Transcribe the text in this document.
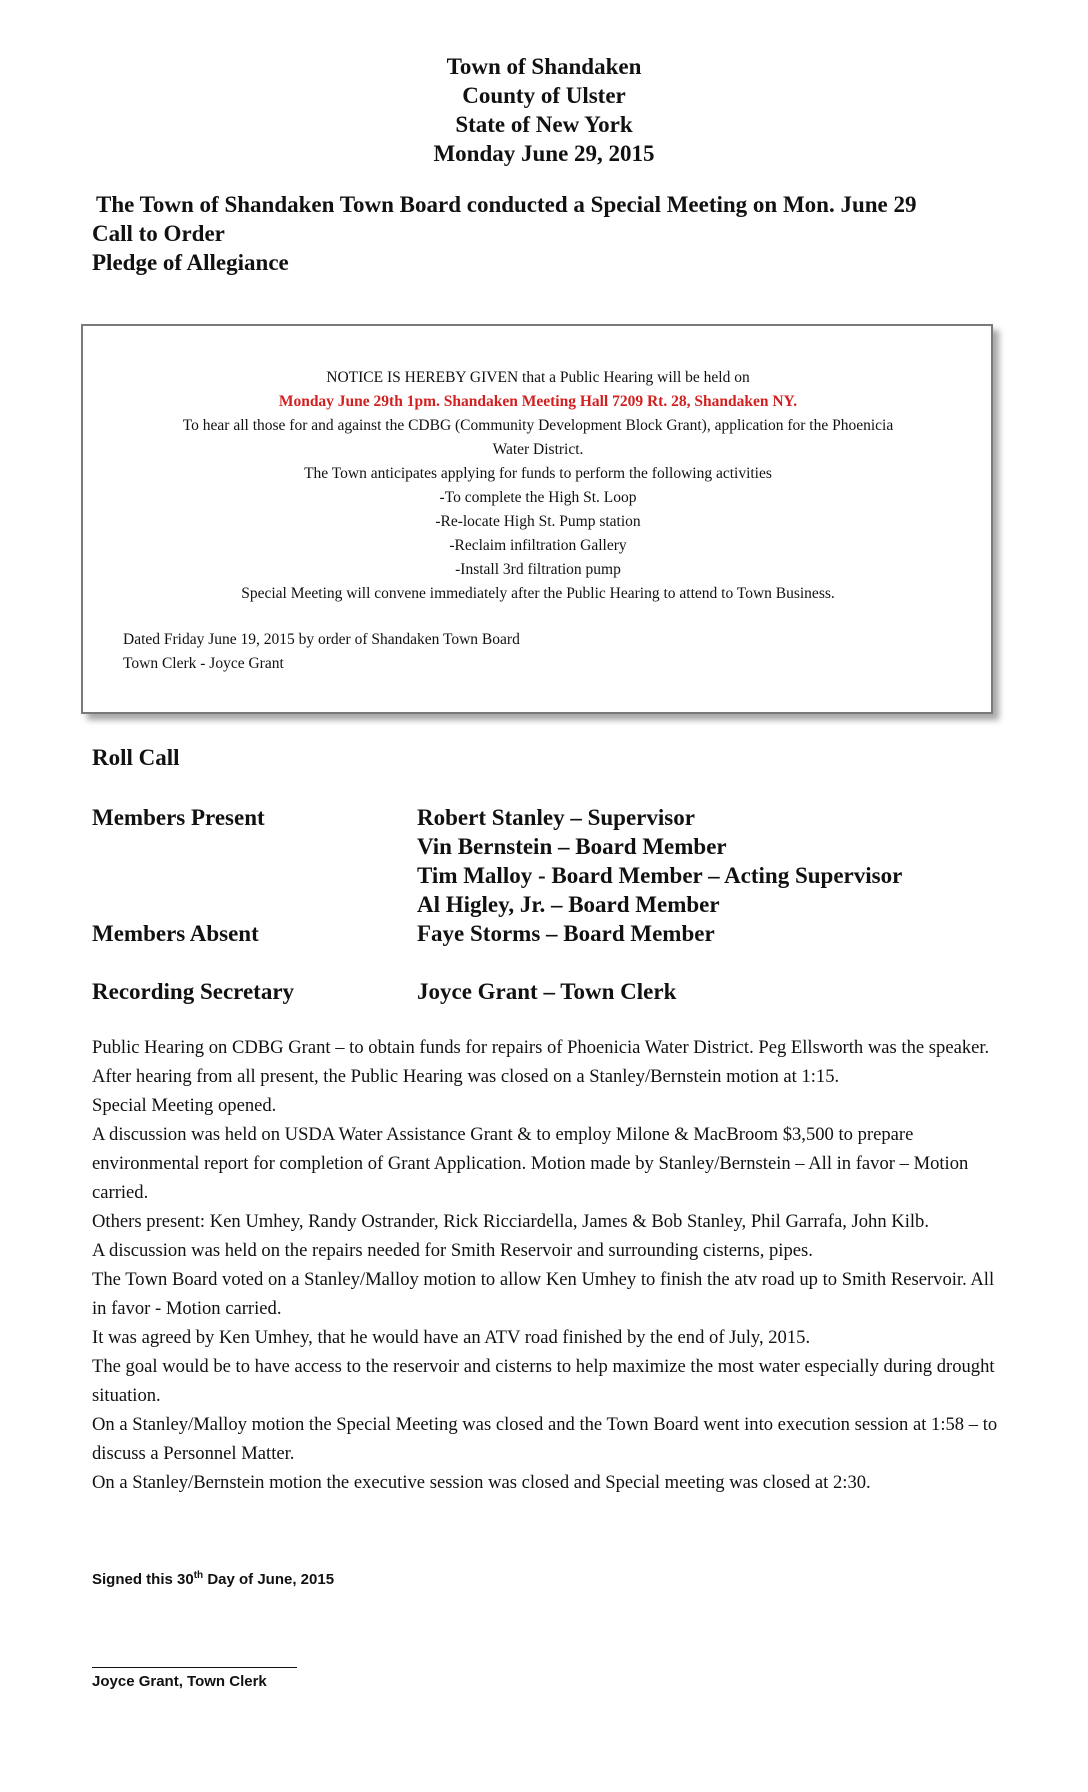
Town of Shandaken
County of Ulster
State of New York
Monday June 29, 2015
The Town of Shandaken Town Board conducted a Special Meeting on Mon. June 29
Call to Order
Pledge of Allegiance
NOTICE IS HEREBY GIVEN that a Public Hearing will be held on
Monday June 29th 1pm. Shandaken Meeting Hall 7209 Rt. 28, Shandaken NY.
To hear all those for and against the CDBG (Community Development Block Grant), application for the Phoenicia
Water District.
The Town anticipates applying for funds to perform the following activities
-To complete the High St. Loop
-Re-locate High St. Pump station
-Reclaim infiltration Gallery
-Install 3rd filtration pump
Special Meeting will convene immediately after the Public Hearing to attend to Town Business.
Dated Friday June 19, 2015 by order of Shandaken Town Board
Town Clerk - Joyce Grant
Roll Call
Members Present	Robert Stanley – Supervisor
Vin Bernstein – Board Member
Tim Malloy - Board Member – Acting Supervisor
Al Higley, Jr. – Board Member
Members Absent	Faye Storms – Board Member
Recording Secretary	Joyce Grant – Town Clerk

Public Hearing on CDBG Grant – to obtain funds for repairs of Phoenicia Water District. Peg Ellsworth was the speaker.

After hearing from all present, the Public Hearing was closed on a Stanley/Bernstein motion at 1:15.

Special Meeting opened.

A discussion was held on USDA Water Assistance Grant & to employ Milone & MacBroom $3,500 to prepare environmental report for completion of Grant Application. Motion made by Stanley/Bernstein – All in favor – Motion carried.

Others present: Ken Umhey, Randy Ostrander, Rick Ricciardella, James & Bob Stanley, Phil Garrafa, John Kilb.

A discussion was held on the repairs needed for Smith Reservoir and surrounding cisterns, pipes.

The Town Board voted on a Stanley/Malloy motion to allow Ken Umhey to finish the atv road up to Smith Reservoir. All in favor - Motion carried.

It was agreed by Ken Umhey, that he would have an ATV road finished by the end of July, 2015.

The goal would be to have access to the reservoir and cisterns to help maximize the most water especially during drought situation.

On a Stanley/Malloy motion the Special Meeting was closed and the Town Board went into execution session at 1:58 – to discuss a Personnel Matter.

On a Stanley/Bernstein motion the executive session was closed and Special meeting was closed at 2:30.

Signed this 30th Day of June, 2015
Joyce Grant, Town Clerk
